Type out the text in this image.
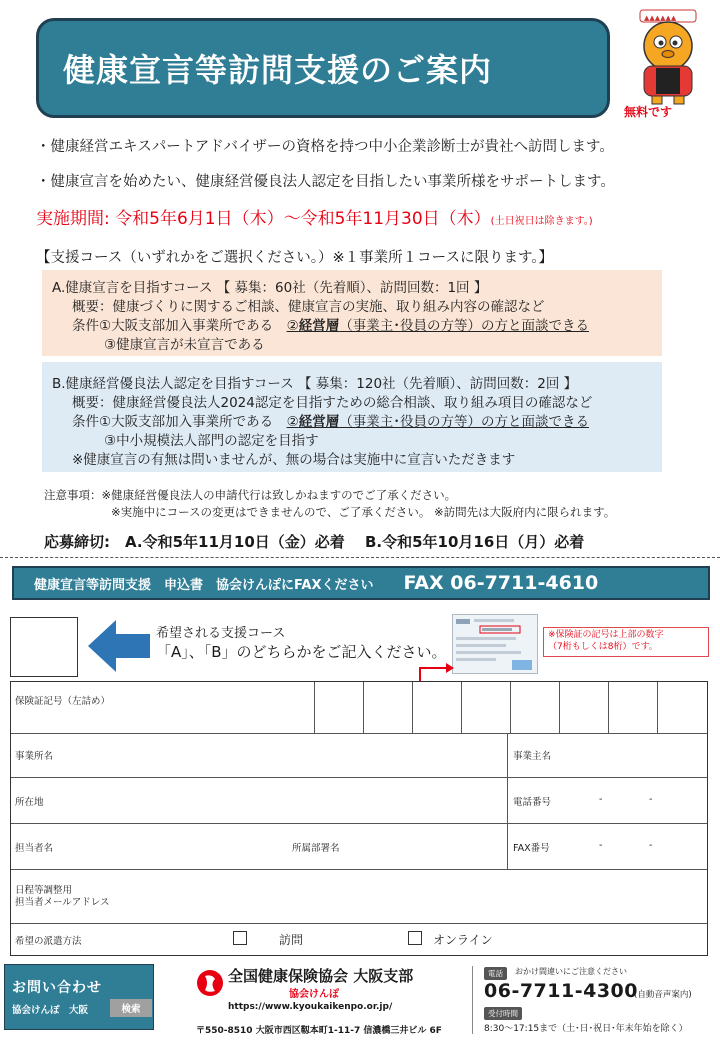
健康宣言等訪問支援のご案内
▲▲▲▲▲▲
無料です
・健康経営エキスパートアドバイザーの資格を持つ中小企業診断士が貴社へ訪問します。
・健康宣言を始めたい、健康経営優良法人認定を目指したい事業所様をサポートします。
実施期間: 令和5年6月1日（木）～令和5年11月30日（木）(土日祝日は除きます。)
【支援コース（いずれかをご選択ください。）※１事業所１コースに限ります。】
A.健康宣言を目指すコース 【 募集：60社（先着順）、訪問回数：1回 】
概要：健康づくりに関するご相談、健康宣言の実施、取り組み内容の確認など
条件①大阪支部加入事業所である　 ②経営層（事業主･役員の方等）の方と面談できる
③健康宣言が未宣言である
B.健康経営優良法人認定を目指すコース 【 募集：120社（先着順）、訪問回数：2回 】
概要：健康経営優良法人2024認定を目指すための総合相談、取り組み項目の確認など
条件①大阪支部加入事業所である　 ②経営層（事業主･役員の方等）の方と面談できる
③中小規模法人部門の認定を目指す
※健康宣言の有無は問いませんが、無の場合は実施中に宣言いただきます
注意事項：※健康経営優良法人の申請代行は致しかねますのでご了承ください。
※実施中にコースの変更はできませんので、ご了承ください。 ※訪問先は大阪府内に限られます。
応募締切:　A.令和5年11月10日（金）必着　 B.令和5年10月16日（月）必着
健康宣言等訪問支援　申込書　協会けんぽにFAXください FAX 06-7711-4610
希望される支援コース
「A」、「B」のどちらかをご記入ください。
※保険証の記号は上部の数字
（7桁もしくは8桁）です。
保険証記号（左詰め）
事業所名	事業主名
所在地	電話番号	-	-
担当者名	所属部署名	FAX番号	-	-
日程等調整用
担当者メールアドレス
希望の派遣方法	訪問	オンライン
お問い合わせ
協会けんぽ　大阪	検索
全国健康保険協会 大阪支部
協会けんぽ
https://www.kyoukaikenpo.or.jp/
〒550-8510 大阪市西区靱本町1-11-7 信濃橋三井ビル 6F
電話	おかけ間違いにご注意ください
06-7711-4300
(自動音声案内)
受付時間
8:30～17:15まで（土･日･祝日･年末年始を除く）
